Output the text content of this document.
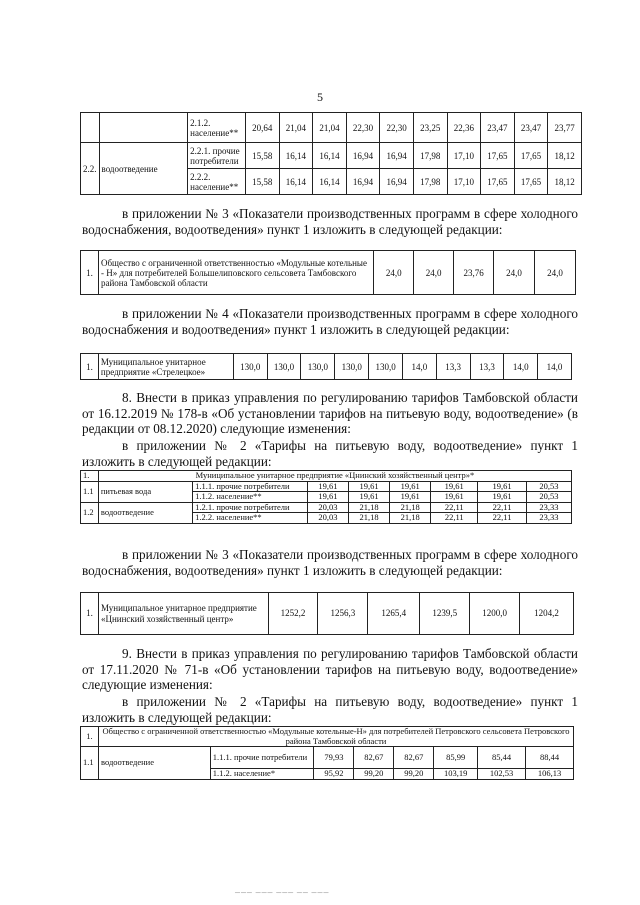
5
		2.1.2. население**	20,64	21,04	21,04	22,30	22,30	23,25	22,36	23,47	23,47	23,77
2.2.	водоотведение	2.2.1. прочие потребители	15,58	16,14	16,14	16,94	16,94	17,98	17,10	17,65	17,65	18,12
		2.2.2. население**	15,58	16,14	16,14	16,94	16,94	17,98	17,10	17,65	17,65	18,12

в приложении № 3 «Показатели производственных программ в сфере холодного водоснабжения, водоотведения» пункт 1 изложить в следующей редакции:

1.	Общество с ограниченной ответственностью «Модульные котельные - Н» для потребителей Большелиповского сельсовета Тамбовского района Тамбовской области	24,0	24,0	23,76	24,0	24,0

в приложении № 4 «Показатели производственных программ в сфере холодного водоснабжения и водоотведения» пункт 1 изложить в следующей редакции:

1.	Муниципальное унитарное предприятие «Стрелецкое»	130,0	130,0	130,0	130,0	130,0	14,0	13,3	13,3	14,0	14,0

8. Внести в приказ управления по регулированию тарифов Тамбовской области от 16.12.2019 № 178-в «Об установлении тарифов на питьевую воду, водоотведение» (в редакции от 08.12.2020) следующие изменения:

в приложении № 2 «Тарифы на питьевую воду, водоотведение» пункт 1 изложить в следующей редакции:

1.	Муниципальное унитарное предприятие «Цнинский хозяйственный центр»*							
1.1	питьевая вода	1.1.1. прочие потребители	19,61	19,61	19,61	19,61	19,61	20,53
		1.1.2. население**	19,61	19,61	19,61	19,61	19,61	20,53
1.2	водоотведение	1.2.1. прочие потребители	20,03	21,18	21,18	22,11	22,11	23,33
		1.2.2. население**	20,03	21,18	21,18	22,11	22,11	23,33

в приложении № 3 «Показатели производственных программ в сфере холодного водоснабжения, водоотведения» пункт 1 изложить в следующей редакции:

1.	Муниципальное унитарное предприятие «Цнинский хозяйственный центр»	1252,2	1256,3	1265,4	1239,5	1200,0	1204,2

9. Внести в приказ управления по регулированию тарифов Тамбовской области от 17.11.2020 № 71-в «Об установлении тарифов на питьевую воду, водоотведение» следующие изменения:

в приложении № 2 «Тарифы на питьевую воду, водоотведение» пункт 1 изложить в следующей редакции:

1.	Общество с ограниченной ответственностью «Модульные котельные-Н» для потребителей Петровского сельсовета Петровского района Тамбовской области							
1.1	водоотведение	1.1.1. прочие потребители	79,93	82,67	82,67	85,99	85,44	88,44
		1.1.2. население*	95,92	99,20	99,20	103,19	102,53	106,13
─── ─── ─── ── ───
